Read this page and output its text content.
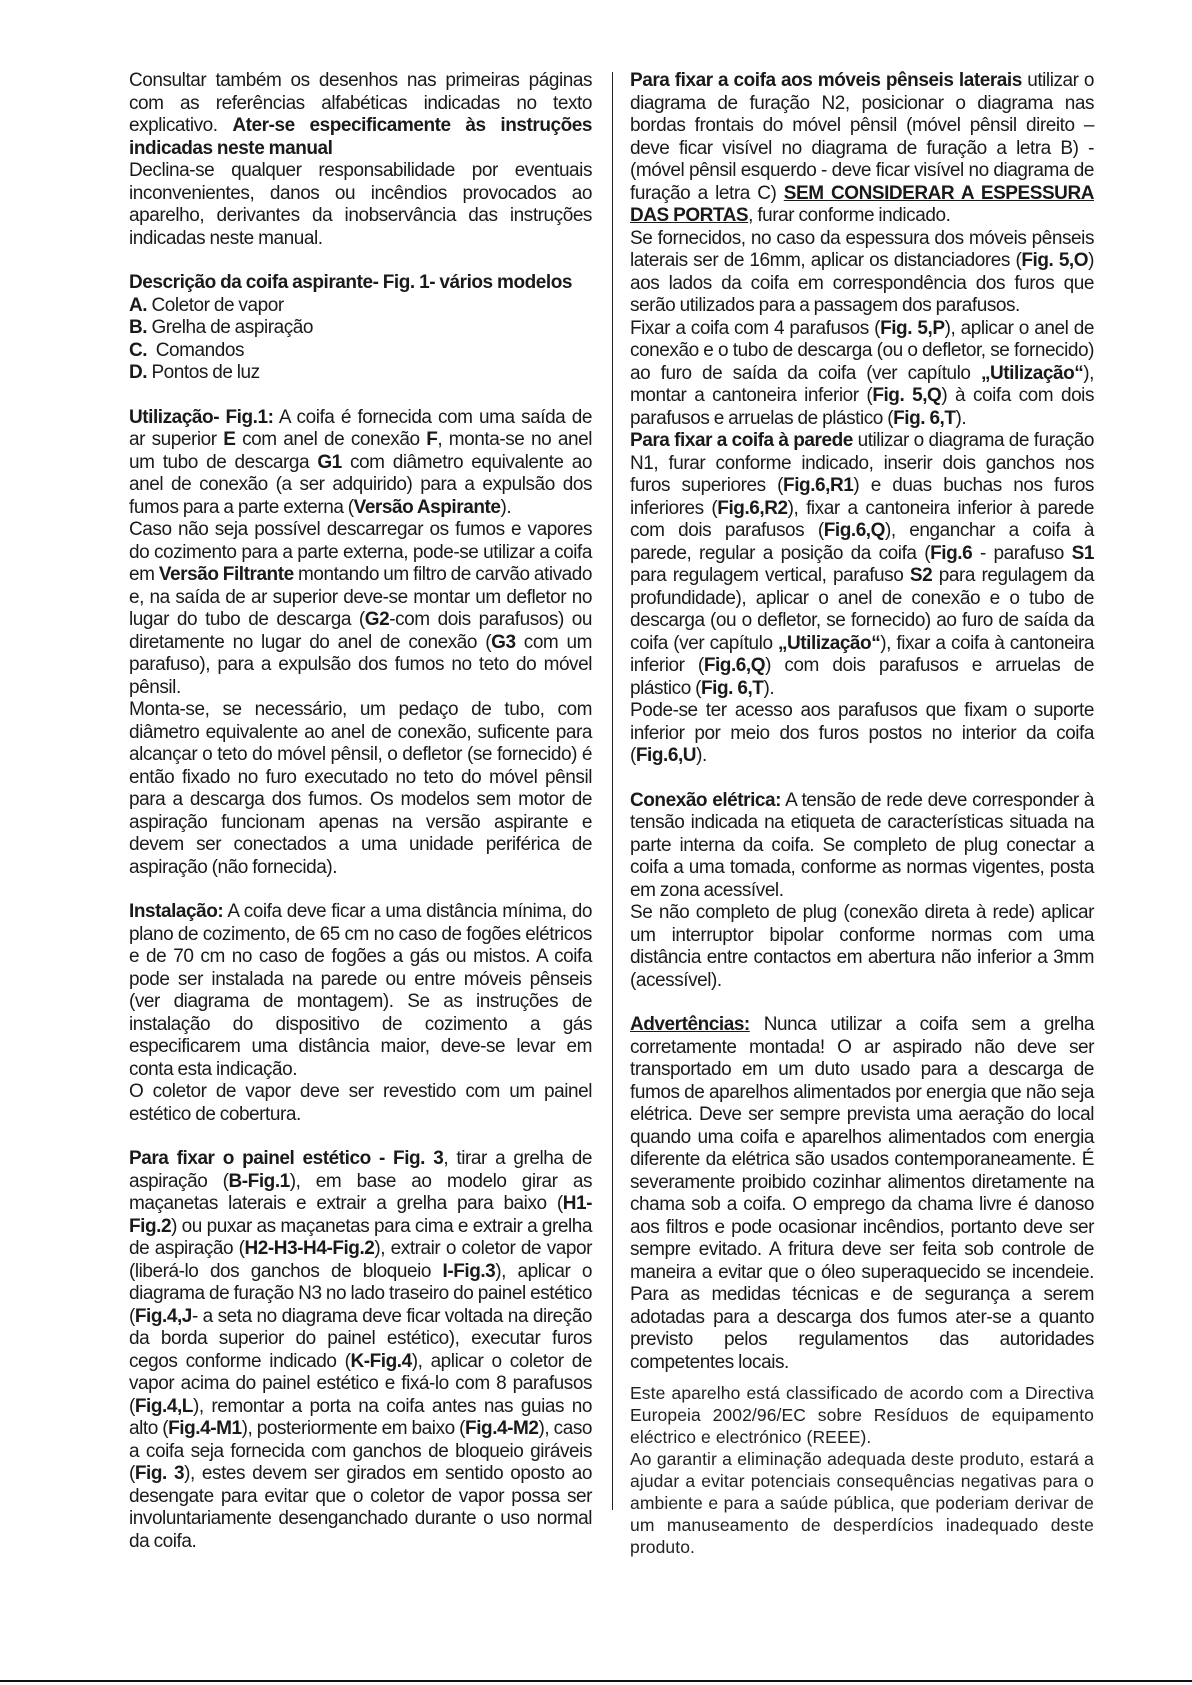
Consultar também os desenhos nas primeiras páginas com as referências alfabéticas indicadas no texto explicativo. Ater-se especificamente às instruções indicadas neste manual

Declina-se qualquer responsabilidade por eventuais inconvenientes, danos ou incêndios provocados ao aparelho, derivantes da inobservância das instruções indicadas neste manual.

Descrição da coifa aspirante- Fig. 1- vários modelos

A. Coletor de vapor

B. Grelha de aspiração

C.  Comandos

D. Pontos de luz

Utilização- Fig.1: A coifa é fornecida com uma saída de ar superior E com anel de conexão F, monta-se no anel um tubo de descarga G1 com diâmetro equivalente ao anel de conexão (a ser adquirido) para a expulsão dos fumos para a parte externa (Versão Aspirante).

Caso não seja possível descarregar os fumos e vapores do cozimento para a parte externa, pode-se utilizar a coifa em Versão Filtrante montando um filtro de carvão ativado e, na saída de ar superior deve-se montar um defletor no lugar do tubo de descarga (G2-com dois parafusos) ou diretamente no lugar do anel de conexão (G3 com um parafuso), para a expulsão dos fumos no teto do móvel pênsil.

Monta-se, se necessário, um pedaço de tubo, com diâmetro equivalente ao anel de conexão, suficente para alcançar o teto do móvel pênsil, o defletor (se fornecido) é então fixado no furo executado no teto do móvel pênsil para a descarga dos fumos. Os modelos sem motor de aspiração funcionam apenas na versão aspirante e devem ser conectados a uma unidade periférica de aspiração (não fornecida).

Instalação: A coifa deve ficar a uma distância mínima, do plano de cozimento, de 65 cm no caso de fogões elétricos e de 70 cm no caso de fogões a gás ou mistos. A coifa pode ser instalada na parede ou entre móveis pênseis (ver diagrama de montagem). Se as instruções de instalação do dispositivo de cozimento a gás especificarem uma distância maior, deve-se levar em conta esta indicação.

O coletor de vapor deve ser revestido com um painel estético de cobertura.

Para fixar o painel estético - Fig. 3, tirar a grelha de aspiração (B-Fig.1), em base ao modelo girar as maçanetas laterais e extrair a grelha para baixo (H1-Fig.2) ou puxar as maçanetas para cima e extrair a grelha de aspiração (H2-H3-H4-Fig.2), extrair o coletor de vapor (liberá-lo dos ganchos de bloqueio I-Fig.3), aplicar o diagrama de furação N3 no lado traseiro do painel estético (Fig.4,J- a seta no diagrama deve ficar voltada na direção da borda superior do painel estético), executar furos cegos conforme indicado (K-Fig.4), aplicar o coletor de vapor acima do painel estético e fixá-lo com 8 parafusos (Fig.4,L), remontar a porta na coifa antes nas guias no alto (Fig.4-M1), posteriormente em baixo (Fig.4-M2), caso a coifa seja fornecida com ganchos de bloqueio giráveis (Fig. 3), estes devem ser girados em sentido oposto ao desengate para evitar que o coletor de vapor possa ser involuntariamente desenganchado durante o uso normal da coifa.

Para fixar a coifa aos móveis pênseis laterais utilizar o diagrama de furação N2, posicionar o diagrama nas bordas frontais do móvel pênsil (móvel pênsil direito – deve ficar visível no diagrama de furação a letra B) - (móvel pênsil esquerdo - deve ficar visível no diagrama de furação a letra C) SEM CONSIDERAR A ESPESSURA DAS PORTAS, furar conforme indicado.

Se fornecidos, no caso da espessura dos móveis pênseis laterais ser de 16mm, aplicar os distanciadores (Fig. 5,O) aos lados da coifa em correspondência dos furos que serão utilizados para a passagem dos parafusos.

Fixar a coifa com 4 parafusos (Fig. 5,P), aplicar o anel de conexão e o tubo de descarga (ou o defletor, se fornecido) ao furo de saída da coifa (ver capítulo „Utilização“), montar a cantoneira inferior (Fig. 5,Q) à coifa com dois parafusos e arruelas de plástico (Fig. 6,T).

Para fixar a coifa à parede utilizar o diagrama de furação N1, furar conforme indicado, inserir dois ganchos nos furos superiores (Fig.6,R1) e duas buchas nos furos inferiores (Fig.6,R2), fixar a cantoneira inferior à parede com dois parafusos (Fig.6,Q), enganchar a coifa à parede, regular a posição da coifa (Fig.6 - parafuso S1 para regulagem vertical, parafuso S2 para regulagem da profundidade), aplicar o anel de conexão e o tubo de descarga (ou o defletor, se fornecido) ao furo de saída da coifa (ver capítulo „Utilização“), fixar a coifa à cantoneira inferior (Fig.6,Q) com dois parafusos e arruelas de plástico (Fig. 6,T).

Pode-se ter acesso aos parafusos que fixam o suporte inferior por meio dos furos postos no interior da coifa (Fig.6,U).

Conexão elétrica: A tensão de rede deve corresponder à tensão indicada na etiqueta de características situada na parte interna da coifa. Se completo de plug conectar a coifa a uma tomada, conforme as normas vigentes, posta em zona acessível.

Se não completo de plug (conexão direta à rede) aplicar um interruptor bipolar conforme normas com uma distância entre contactos em abertura não inferior a 3mm (acessível).

Advertências: Nunca utilizar a coifa sem a grelha corretamente montada! O ar aspirado não deve ser transportado em um duto usado para a descarga de fumos de aparelhos alimentados por energia que não seja elétrica. Deve ser sempre prevista uma aeração do local quando uma coifa e aparelhos alimentados com energia diferente da elétrica são usados contemporaneamente. É severamente proibido cozinhar alimentos diretamente na chama sob a coifa. O emprego da chama livre é danoso aos filtros e pode ocasionar incêndios, portanto deve ser sempre evitado. A fritura deve ser feita sob controle de maneira a evitar que o óleo superaquecido se incendeie. Para as medidas técnicas e de segurança a serem adotadas para a descarga dos fumos ater-se a quanto previsto pelos regulamentos das autoridades competentes locais.

Este aparelho está classificado de acordo com a Directiva Europeia 2002/96/EC sobre Resíduos de equipamento eléctrico e electrónico (REEE).

Ao garantir a eliminação adequada deste produto, estará a ajudar a evitar potenciais consequências negativas para o ambiente e para a saúde pública, que poderiam derivar de um manuseamento de desperdícios inadequado deste produto.
